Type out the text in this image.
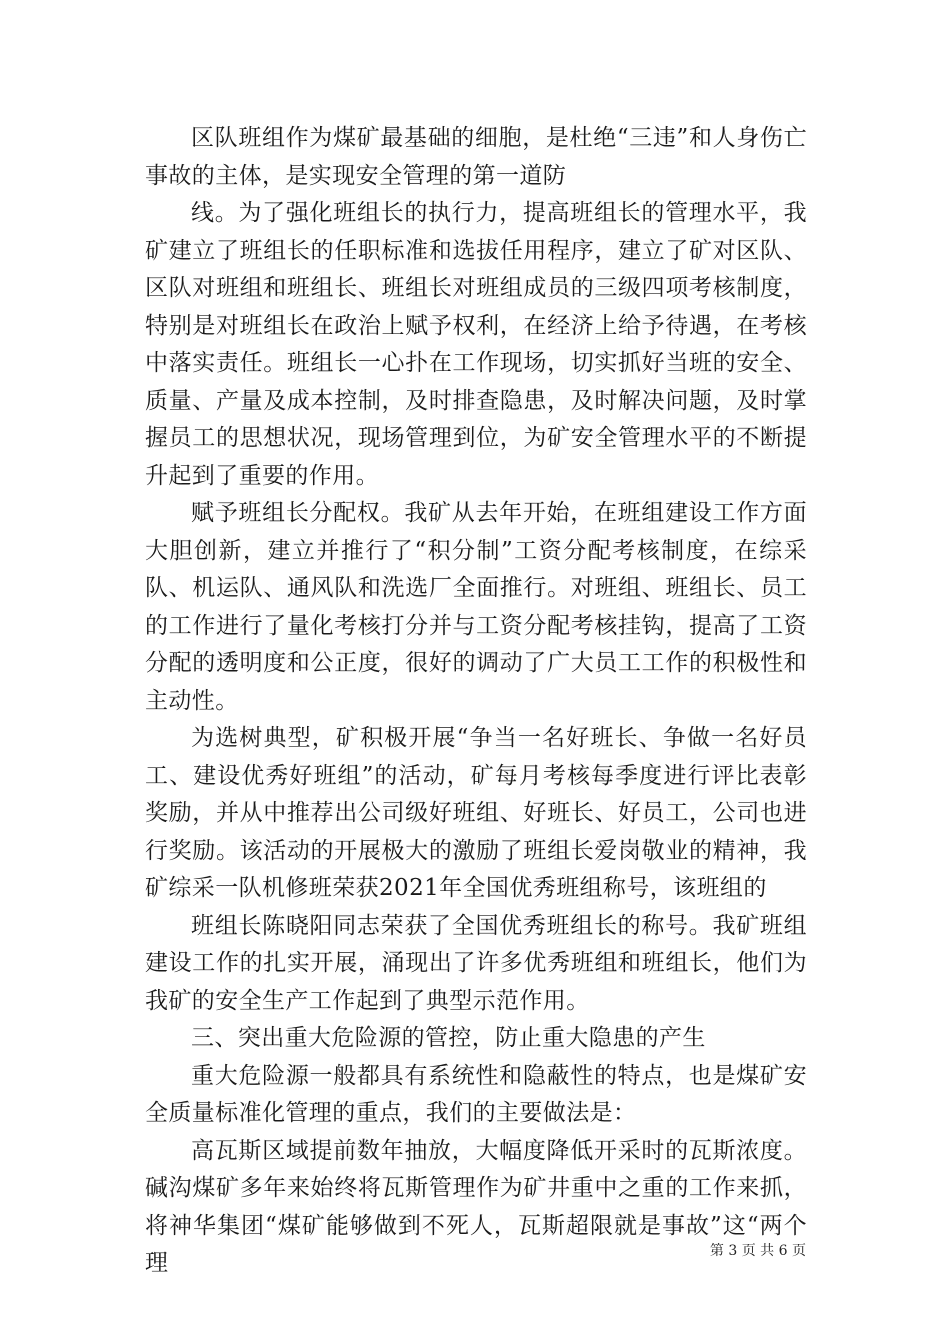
区队班组作为煤矿最基础的细胞，是杜绝“三违”和人身伤亡事故的主体，是实现安全管理的第一道防

线。为了强化班组长的执行力，提高班组长的管理水平，我矿建立了班组长的任职标准和选拔任用程序，建立了矿对区队、区队对班组和班组长、班组长对班组成员的三级四项考核制度，特别是对班组长在政治上赋予权利，在经济上给予待遇，在考核中落实责任。班组长一心扑在工作现场，切实抓好当班的安全、质量、产量及成本控制，及时排查隐患，及时解决问题，及时掌握员工的思想状况，现场管理到位，为矿安全管理水平的不断提升起到了重要的作用。

赋予班组长分配权。我矿从去年开始，在班组建设工作方面大胆创新，建立并推行了“积分制”工资分配考核制度，在综采队、机运队、通风队和洗选厂全面推行。对班组、班组长、员工的工作进行了量化考核打分并与工资分配考核挂钩，提高了工资分配的透明度和公正度，很好的调动了广大员工工作的积极性和主动性。

为选树典型，矿积极开展“争当一名好班长、争做一名好员工、建设优秀好班组”的活动，矿每月考核每季度进行评比表彰奖励，并从中推荐出公司级好班组、好班长、好员工，公司也进行奖励。该活动的开展极大的激励了班组长爱岗敬业的精神，我矿综采一队机修班荣获2021年全国优秀班组称号，该班组的

班组长陈晓阳同志荣获了全国优秀班组长的称号。我矿班组建设工作的扎实开展，涌现出了许多优秀班组和班组长，他们为我矿的安全生产工作起到了典型示范作用。

三、突出重大危险源的管控，防止重大隐患的产生

重大危险源一般都具有系统性和隐蔽性的特点，也是煤矿安全质量标准化管理的重点，我们的主要做法是：

高瓦斯区域提前数年抽放，大幅度降低开采时的瓦斯浓度。碱沟煤矿多年来始终将瓦斯管理作为矿井重中之重的工作来抓，将神华集团“煤矿能够做到不死人，瓦斯超限就是事故”这“两个理	第 3 页 共 6 页
